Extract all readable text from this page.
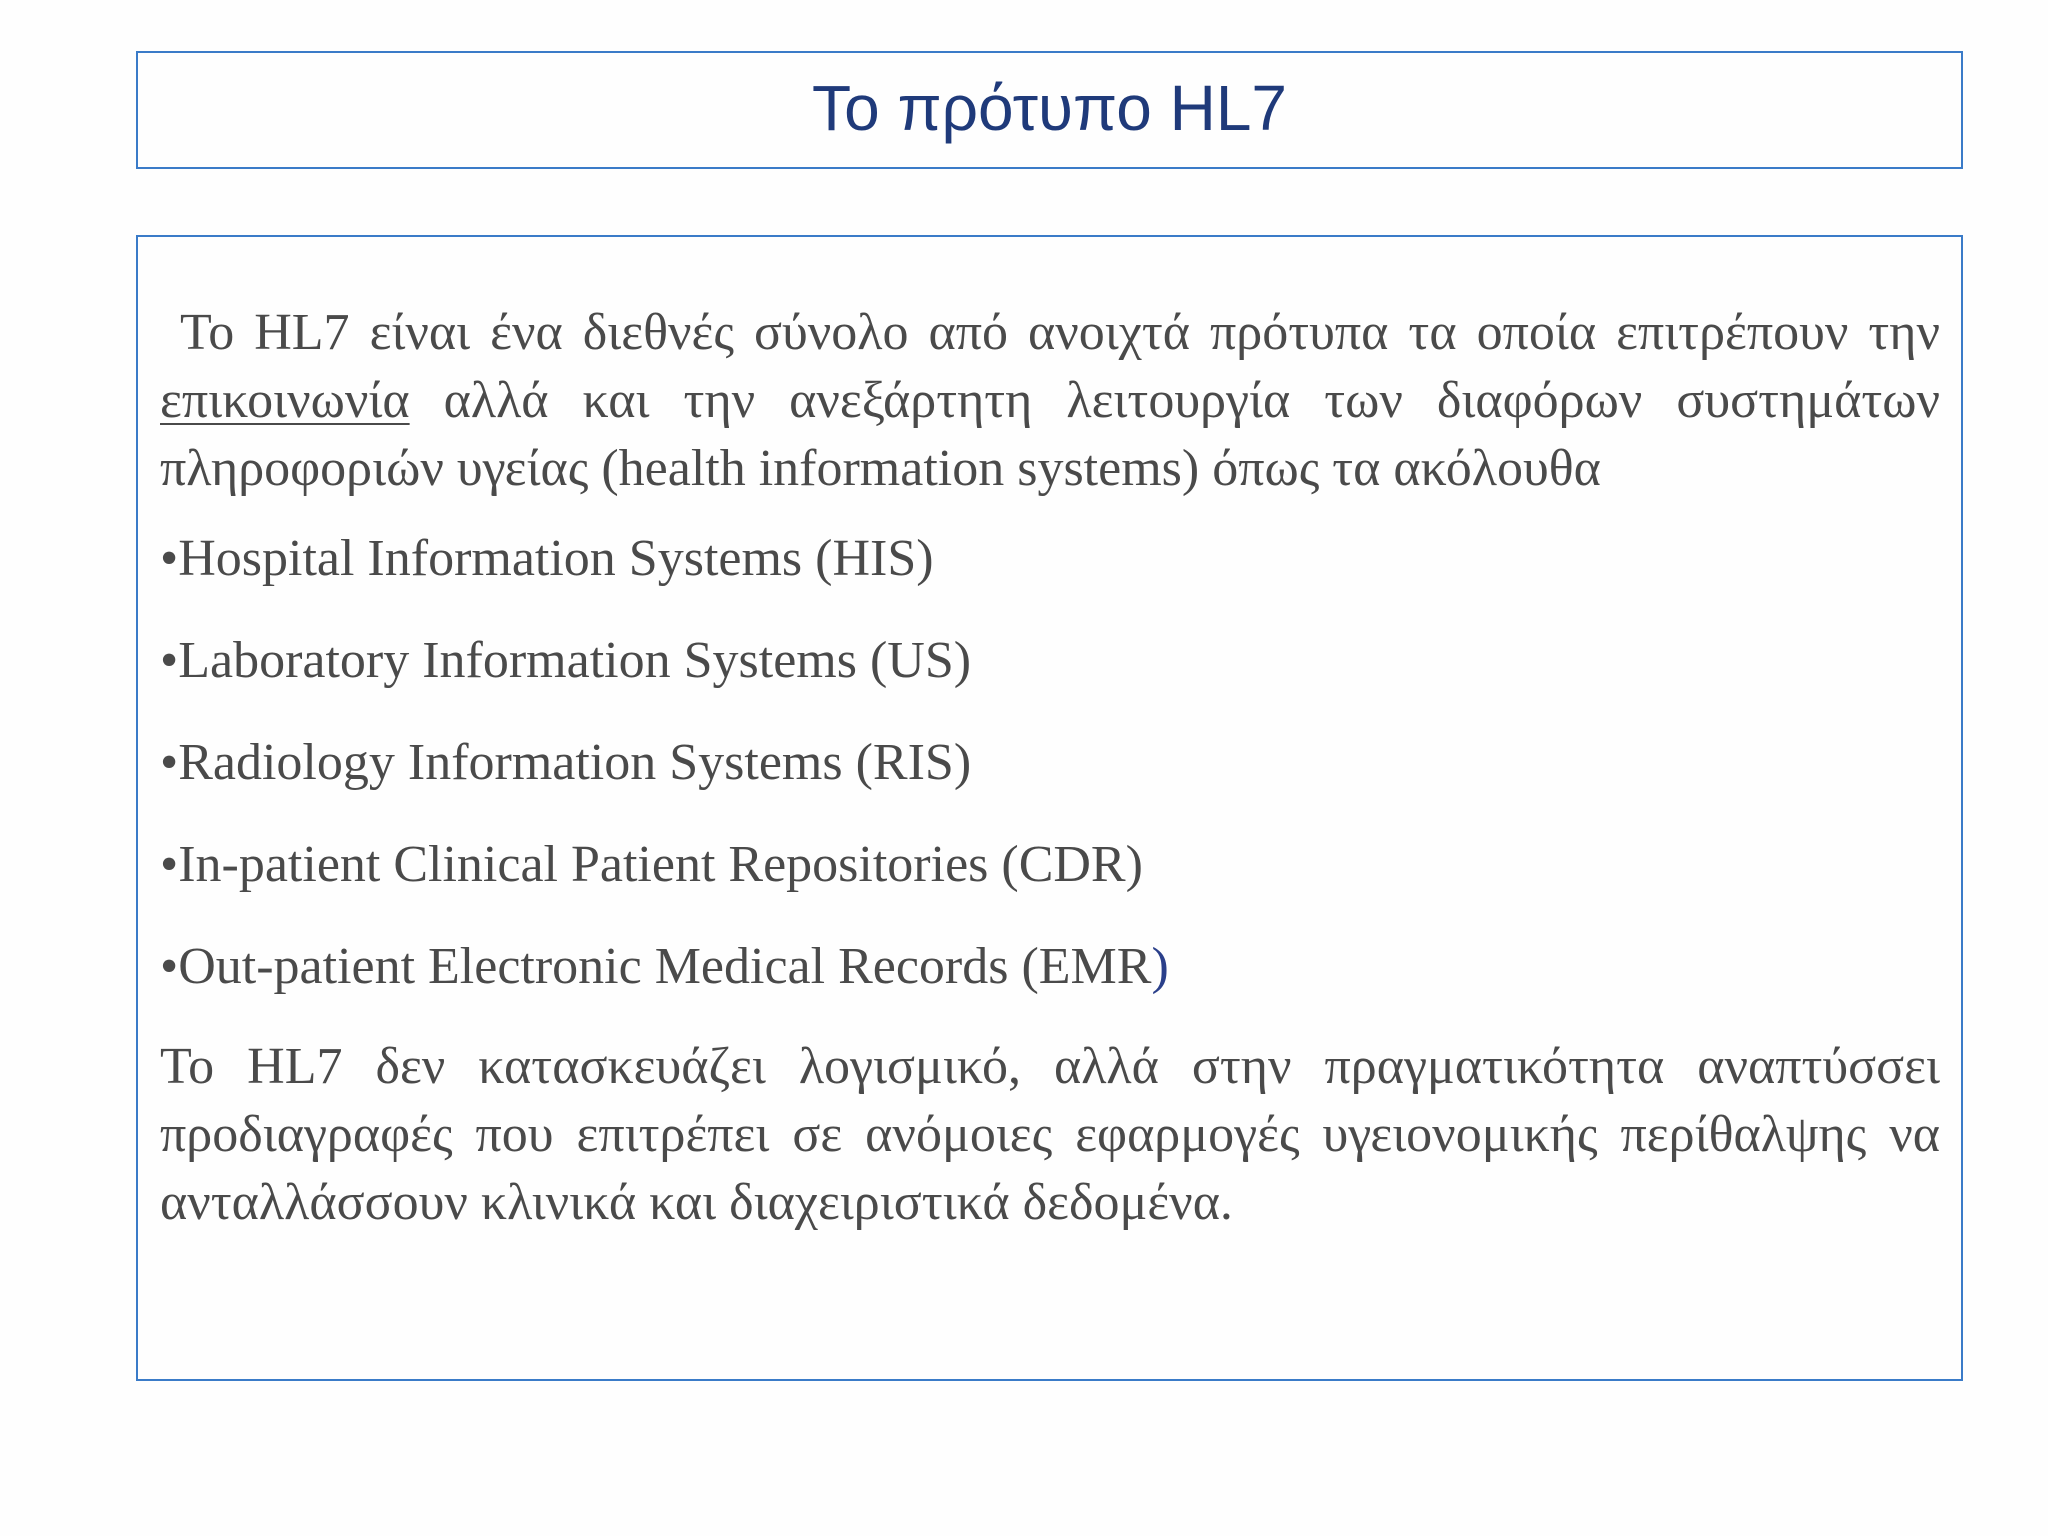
Το πρότυπο HL7

Το HL7 είναι ένα διεθνές σύνολο από ανοιχτά πρότυπα τα οποία επιτρέπουν την επικοινωνία αλλά και την ανεξάρτητη λειτουργία των διαφόρων συστημάτων πληροφοριών υγείας (health information systems) όπως τα ακόλουθα

•Hospital Information Systems (HIS)
•Laboratory Information Systems (US)
•Radiology Information Systems (RIS)
•In-patient Clinical Patient Repositories (CDR)
•Out-patient Electronic Medical Records (EMR)

Το HL7 δεν κατασκευάζει λογισμικό, αλλά στην πραγματικότητα αναπτύσσει προδιαγραφές που επιτρέπει σε ανόμοιες εφαρμογές υγειονομικής περίθαλψης να ανταλλάσσουν κλινικά και διαχειριστικά δεδομένα.
